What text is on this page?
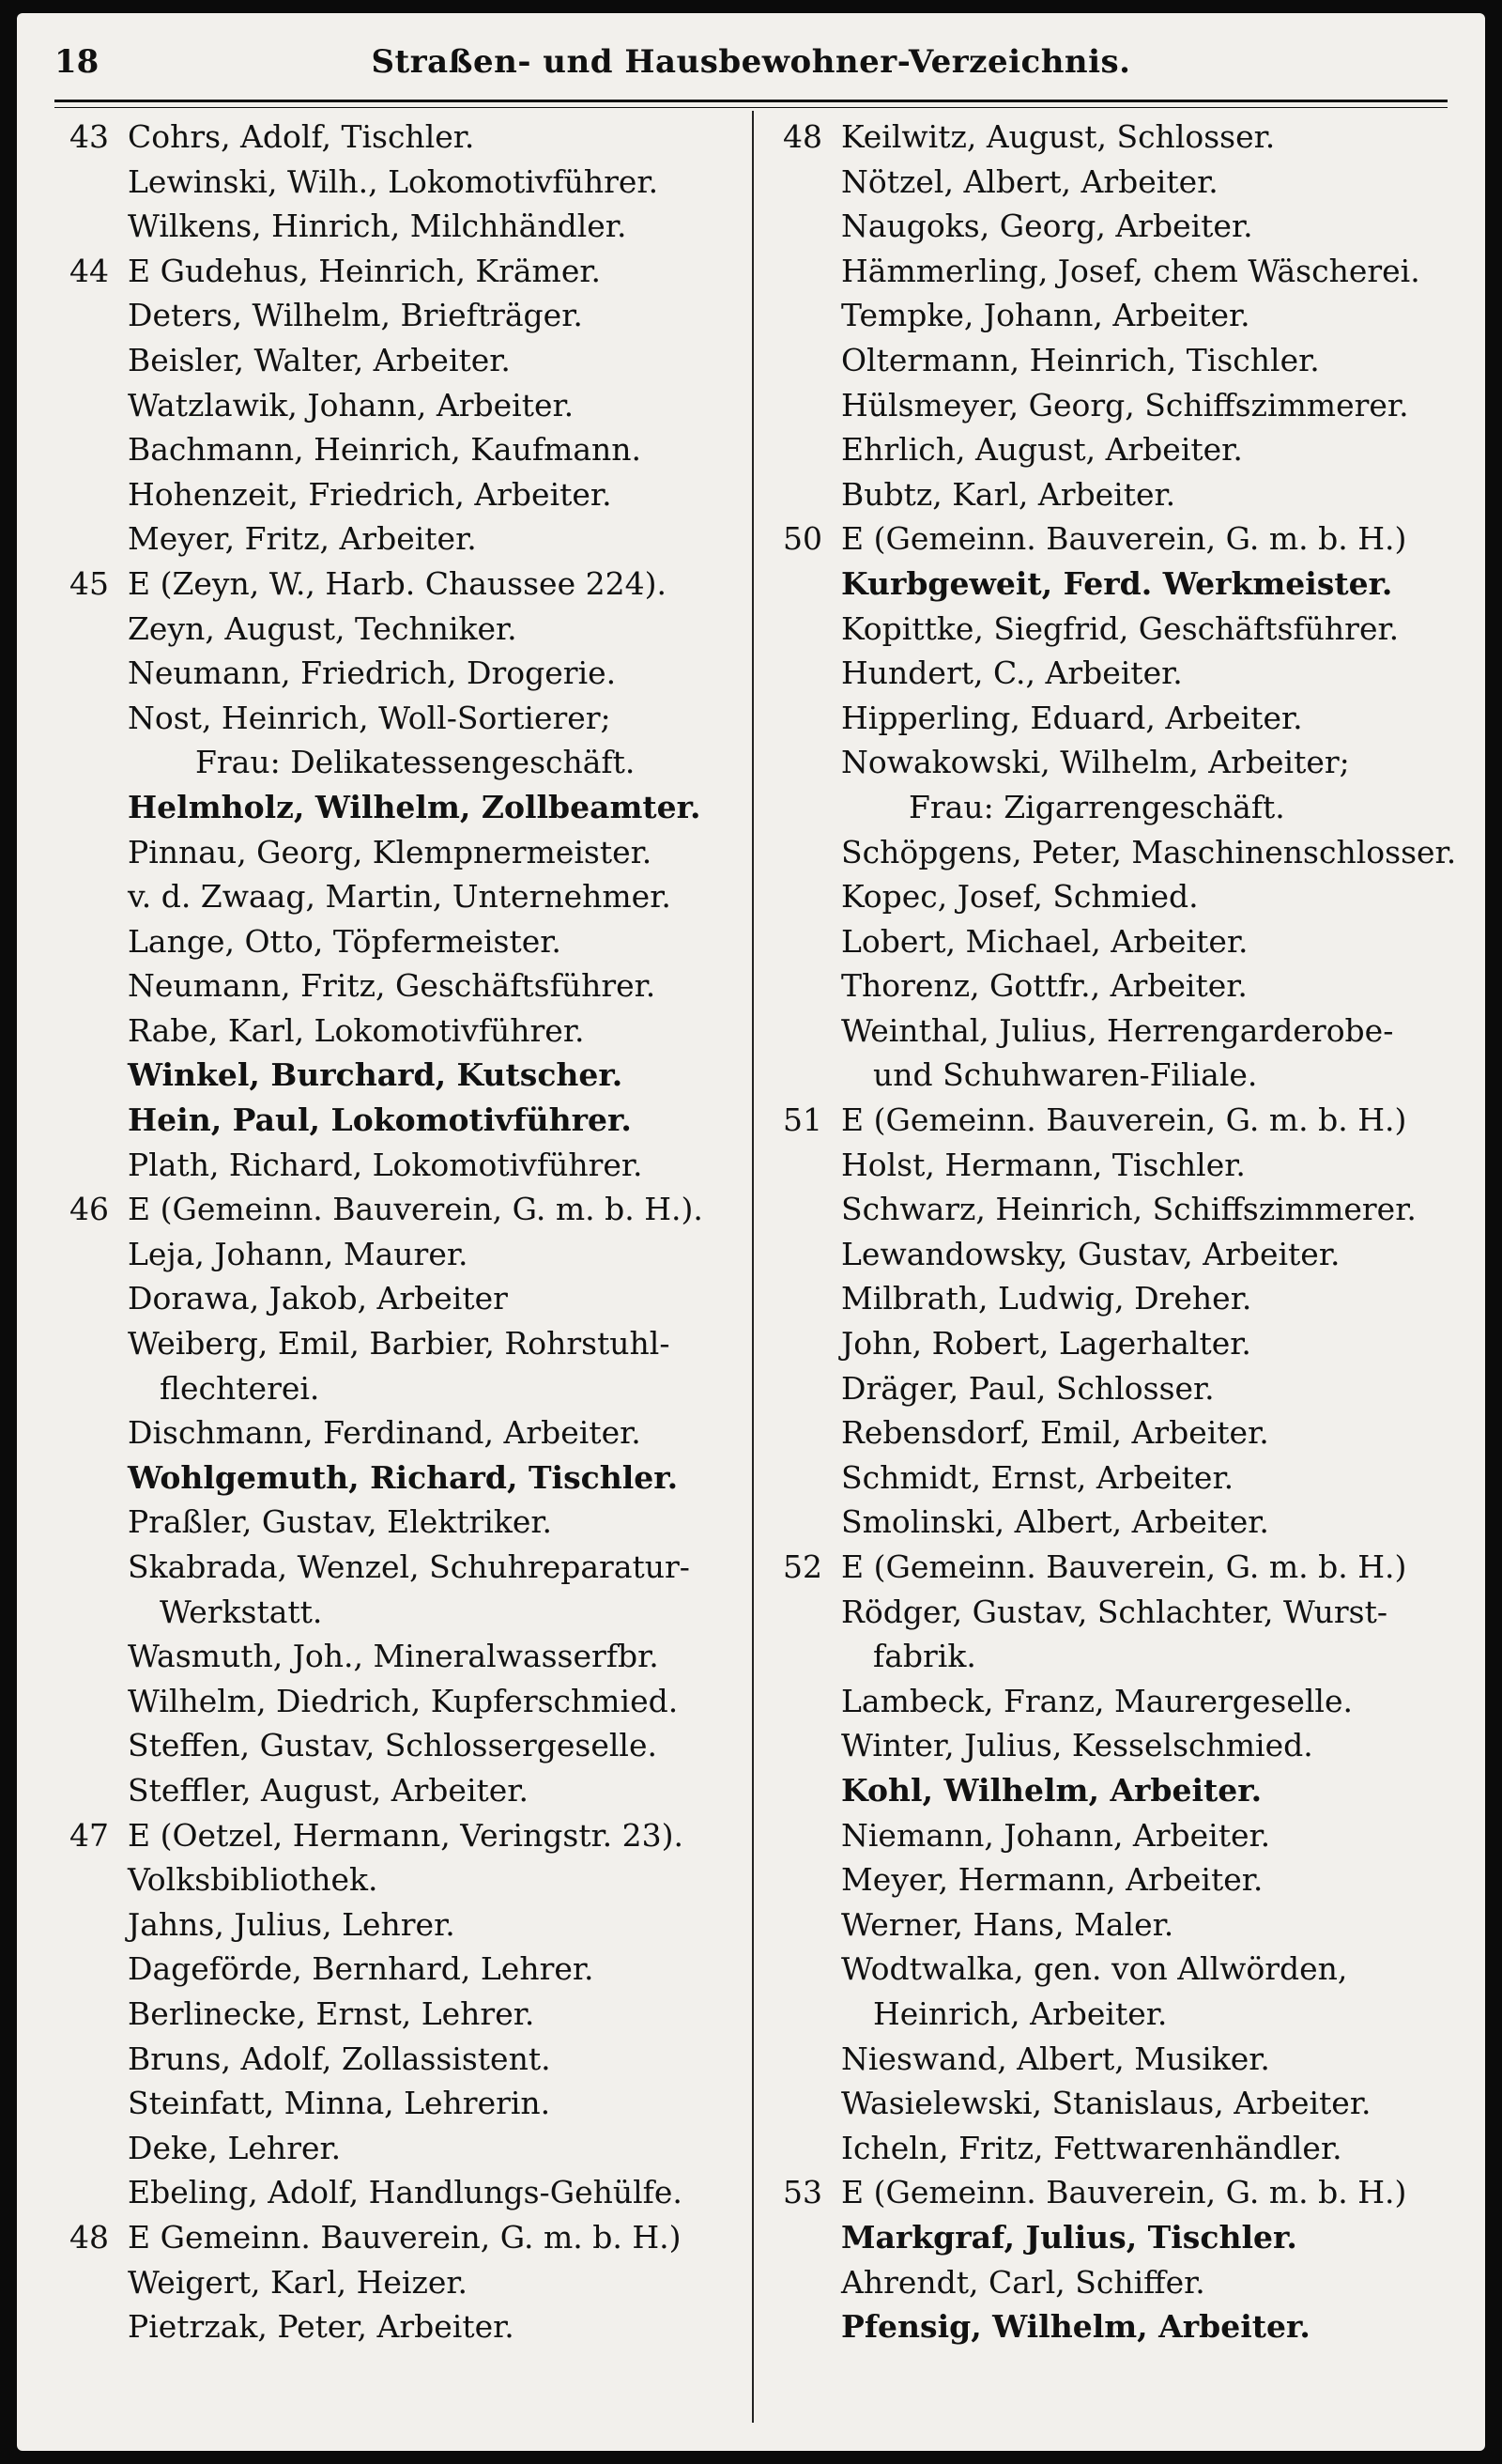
18	Straßen- und Hausbewohner-Verzeichnis.
43 Cohrs, Adolf, Tischler.
Lewinski, Wilh., Lokomotivführer.
Wilkens, Hinrich, Milchhändler.
44 E Gudehus, Heinrich, Krämer.
Deters, Wilhelm, Briefträger.
Beisler, Walter, Arbeiter.
Watzlawik, Johann, Arbeiter.
Bachmann, Heinrich, Kaufmann.
Hohenzeit, Friedrich, Arbeiter.
Meyer, Fritz, Arbeiter.
45 E (Zeyn, W., Harb. Chaussee 224).
Zeyn, August, Techniker.
Neumann, Friedrich, Drogerie.
Nost, Heinrich, Woll-Sortierer;
Frau: Delikatessengeschäft.
Helmholz, Wilhelm, Zollbeamter.
Pinnau, Georg, Klempnermeister.
v. d. Zwaag, Martin, Unternehmer.
Lange, Otto, Töpfermeister.
Neumann, Fritz, Geschäftsführer.
Rabe, Karl, Lokomotivführer.
Winkel, Burchard, Kutscher.
Hein, Paul, Lokomotivführer.
Plath, Richard, Lokomotivführer.
46 E (Gemeinn. Bauverein, G. m. b. H.).
Leja, Johann, Maurer.
Dorawa, Jakob, Arbeiter
Weiberg, Emil, Barbier, Rohrstuhl-
flechterei.
Dischmann, Ferdinand, Arbeiter.
Wohlgemuth, Richard, Tischler.
Praßler, Gustav, Elektriker.
Skabrada, Wenzel, Schuhreparatur-
Werkstatt.
Wasmuth, Joh., Mineralwasserfbr.
Wilhelm, Diedrich, Kupferschmied.
Steffen, Gustav, Schlossergeselle.
Steffler, August, Arbeiter.
47 E (Oetzel, Hermann, Veringstr. 23).
Volksbibliothek.
Jahns, Julius, Lehrer.
Dageförde, Bernhard, Lehrer.
Berlinecke, Ernst, Lehrer.
Bruns, Adolf, Zollassistent.
Steinfatt, Minna, Lehrerin.
Deke, Lehrer.
Ebeling, Adolf, Handlungs-Gehülfe.
48 E Gemeinn. Bauverein, G. m. b. H.)
Weigert, Karl, Heizer.
Pietrzak, Peter, Arbeiter.
48 Keilwitz, August, Schlosser.
Nötzel, Albert, Arbeiter.
Naugoks, Georg, Arbeiter.
Hämmerling, Josef, chem Wäscherei.
Tempke, Johann, Arbeiter.
Oltermann, Heinrich, Tischler.
Hülsmeyer, Georg, Schiffszimmerer.
Ehrlich, August, Arbeiter.
Bubtz, Karl, Arbeiter.
50 E (Gemeinn. Bauverein, G. m. b. H.)
Kurbgeweit, Ferd. Werkmeister.
Kopittke, Siegfrid, Geschäftsführer.
Hundert, C., Arbeiter.
Hipperling, Eduard, Arbeiter.
Nowakowski, Wilhelm, Arbeiter;
Frau: Zigarrengeschäft.
Schöpgens, Peter, Maschinenschlosser.
Kopec, Josef, Schmied.
Lobert, Michael, Arbeiter.
Thorenz, Gottfr., Arbeiter.
Weinthal, Julius, Herrengarderobe-
und Schuhwaren-Filiale.
51 E (Gemeinn. Bauverein, G. m. b. H.)
Holst, Hermann, Tischler.
Schwarz, Heinrich, Schiffszimmerer.
Lewandowsky, Gustav, Arbeiter.
Milbrath, Ludwig, Dreher.
John, Robert, Lagerhalter.
Dräger, Paul, Schlosser.
Rebensdorf, Emil, Arbeiter.
Schmidt, Ernst, Arbeiter.
Smolinski, Albert, Arbeiter.
52 E (Gemeinn. Bauverein, G. m. b. H.)
Rödger, Gustav, Schlachter, Wurst-
fabrik.
Lambeck, Franz, Maurergeselle.
Winter, Julius, Kesselschmied.
Kohl, Wilhelm, Arbeiter.
Niemann, Johann, Arbeiter.
Meyer, Hermann, Arbeiter.
Werner, Hans, Maler.
Wodtwalka, gen. von Allwörden,
Heinrich, Arbeiter.
Nieswand, Albert, Musiker.
Wasielewski, Stanislaus, Arbeiter.
Icheln, Fritz, Fettwarenhändler.
53 E (Gemeinn. Bauverein, G. m. b. H.)
Markgraf, Julius, Tischler.
Ahrendt, Carl, Schiffer.
Pfensig, Wilhelm, Arbeiter.
